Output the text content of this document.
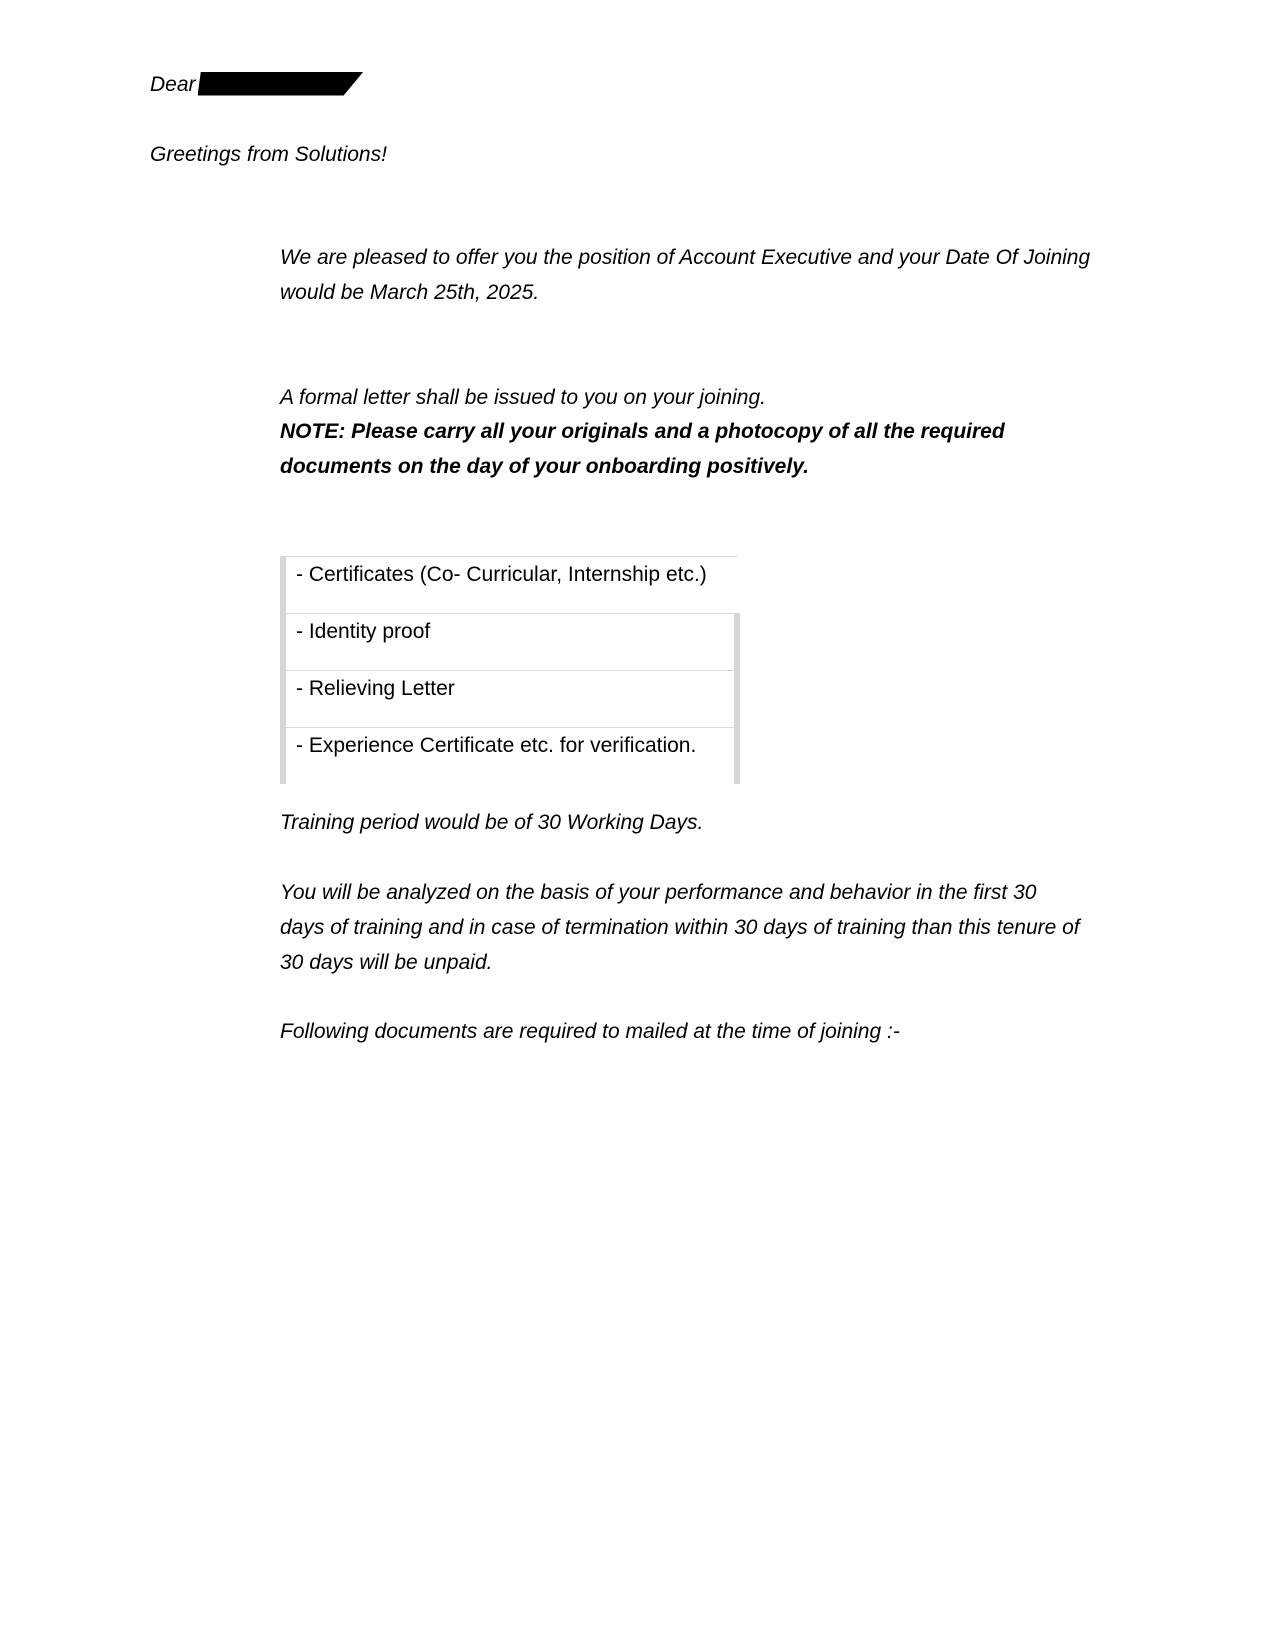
Dear
Greetings from Solutions!
We are pleased to offer you the position of Account Executive and your Date Of Joining would be March 25th, 2025.
A formal letter shall be issued to you on your joining.
NOTE: Please carry all your originals and a photocopy of all the required documents on the day of your onboarding positively.
- Certificates (Co- Curricular, Internship etc.)
- Identity proof
- Relieving Letter
- Experience Certificate etc. for verification.
Training period would be of 30 Working Days.
You will be analyzed on the basis of your performance and behavior in the first 30 days of training and in case of termination within 30 days of training than this tenure of 30 days will be unpaid.
Following documents are required to mailed at the time of joining :-
